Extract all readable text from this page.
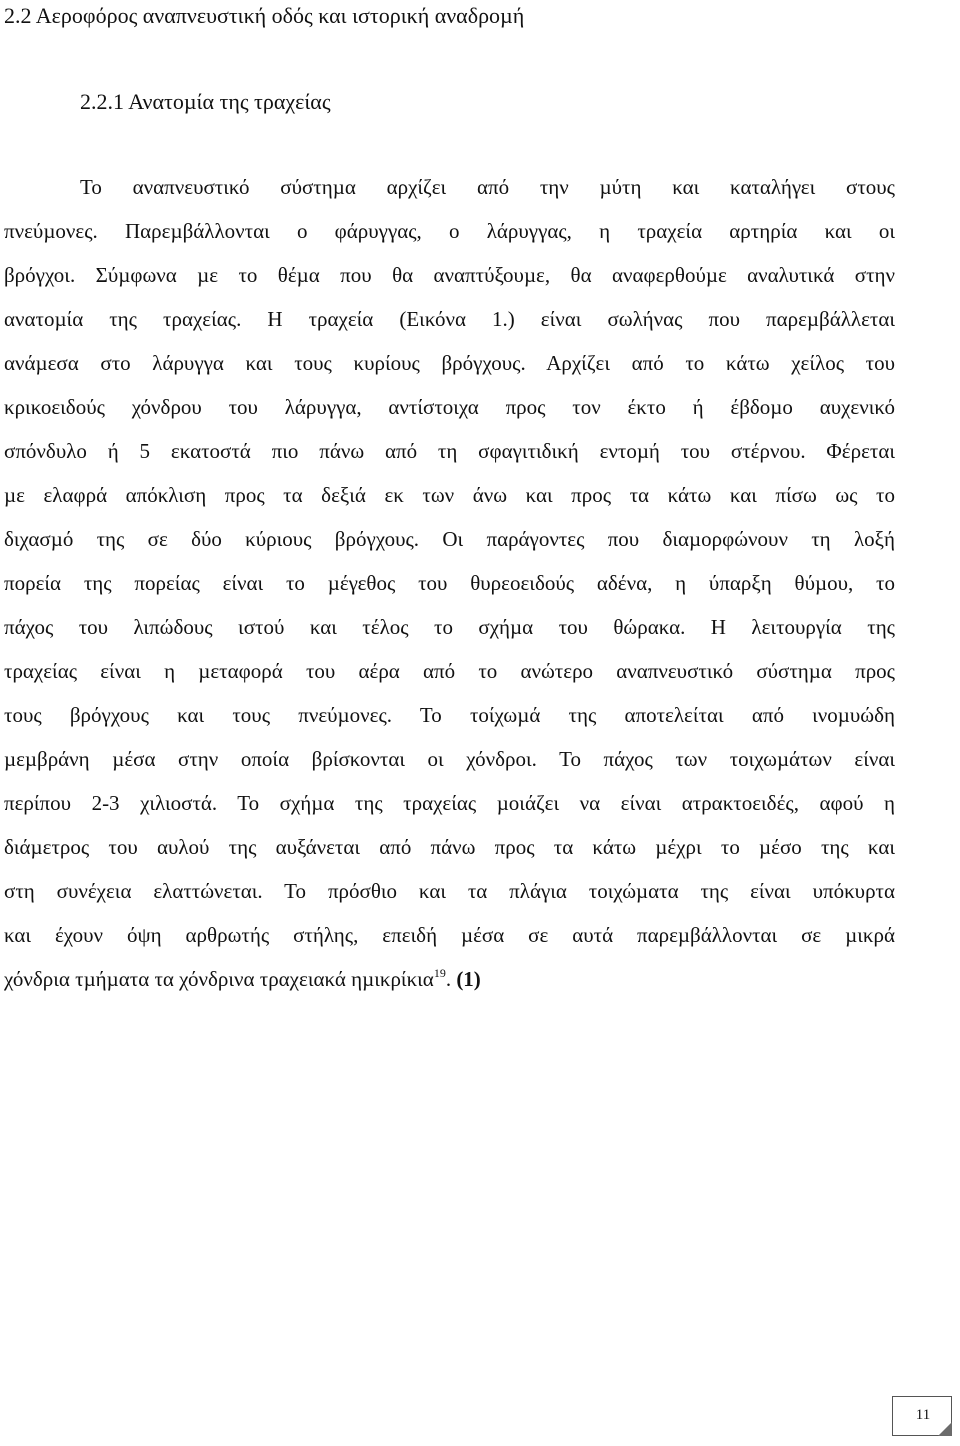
2.2 Αεροφόρος αναπνευστική οδός και ιστορική αναδροµή
2.2.1 Ανατοµία της τραχείας

Το αναπνευστικό σύστηµα αρχίζει από την µύτη και καταλήγει στους

πνεύµονες. Παρεµβάλλονται ο φάρυγγας, ο λάρυγγας, η τραχεία αρτηρία και οι

βρόγχοι. Σύµφωνα µε το θέµα που θα αναπτύξουµε, θα αναφερθούµε αναλυτικά στην

ανατοµία της τραχείας. Η τραχεία (Εικόνα 1.) είναι σωλήνας που παρεµβάλλεται

ανάµεσα στο λάρυγγα και τους κυρίους βρόγχους. Αρχίζει από το κάτω χείλος του

κρικοειδούς χόνδρου του λάρυγγα, αντίστοιχα προς τον έκτο ή έβδοµο αυχενικό

σπόνδυλο ή 5 εκατοστά πιο πάνω από τη σφαγιτιδική εντοµή του στέρνου. Φέρεται

µε ελαφρά απόκλιση προς τα δεξιά εκ των άνω και προς τα κάτω και πίσω ως το

διχασµό της σε δύο κύριους βρόγχους. Οι παράγοντες που διαµορφώνουν τη λοξή

πορεία της πορείας είναι το µέγεθος του θυρεοειδούς αδένα, η ύπαρξη θύµου, το

πάχος του λιπώδους ιστού και τέλος το σχήµα του θώρακα. Η λειτουργία της

τραχείας είναι η µεταφορά του αέρα από το ανώτερο αναπνευστικό σύστηµα προς

τους βρόγχους και τους πνεύµονες. Το τοίχωµά της αποτελείται από ινοµυώδη

µεµβράνη µέσα στην οποία βρίσκονται οι χόνδροι. Το πάχος των τοιχωµάτων είναι

περίπου 2-3 χιλιοστά. Το σχήµα της τραχείας µοιάζει να είναι ατρακτοειδές, αφού η

διάµετρος του αυλού της αυξάνεται από πάνω προς τα κάτω µέχρι το µέσο της και

στη συνέχεια ελαττώνεται. Το πρόσθιο και τα πλάγια τοιχώµατα της είναι υπόκυρτα

και έχουν όψη αρθρωτής στήλης, επειδή µέσα σε αυτά παρεµβάλλονται σε µικρά

χόνδρια τµήµατα τα χόνδρινα τραχειακά ηµικρίκια$^{19}$. (1)

11
